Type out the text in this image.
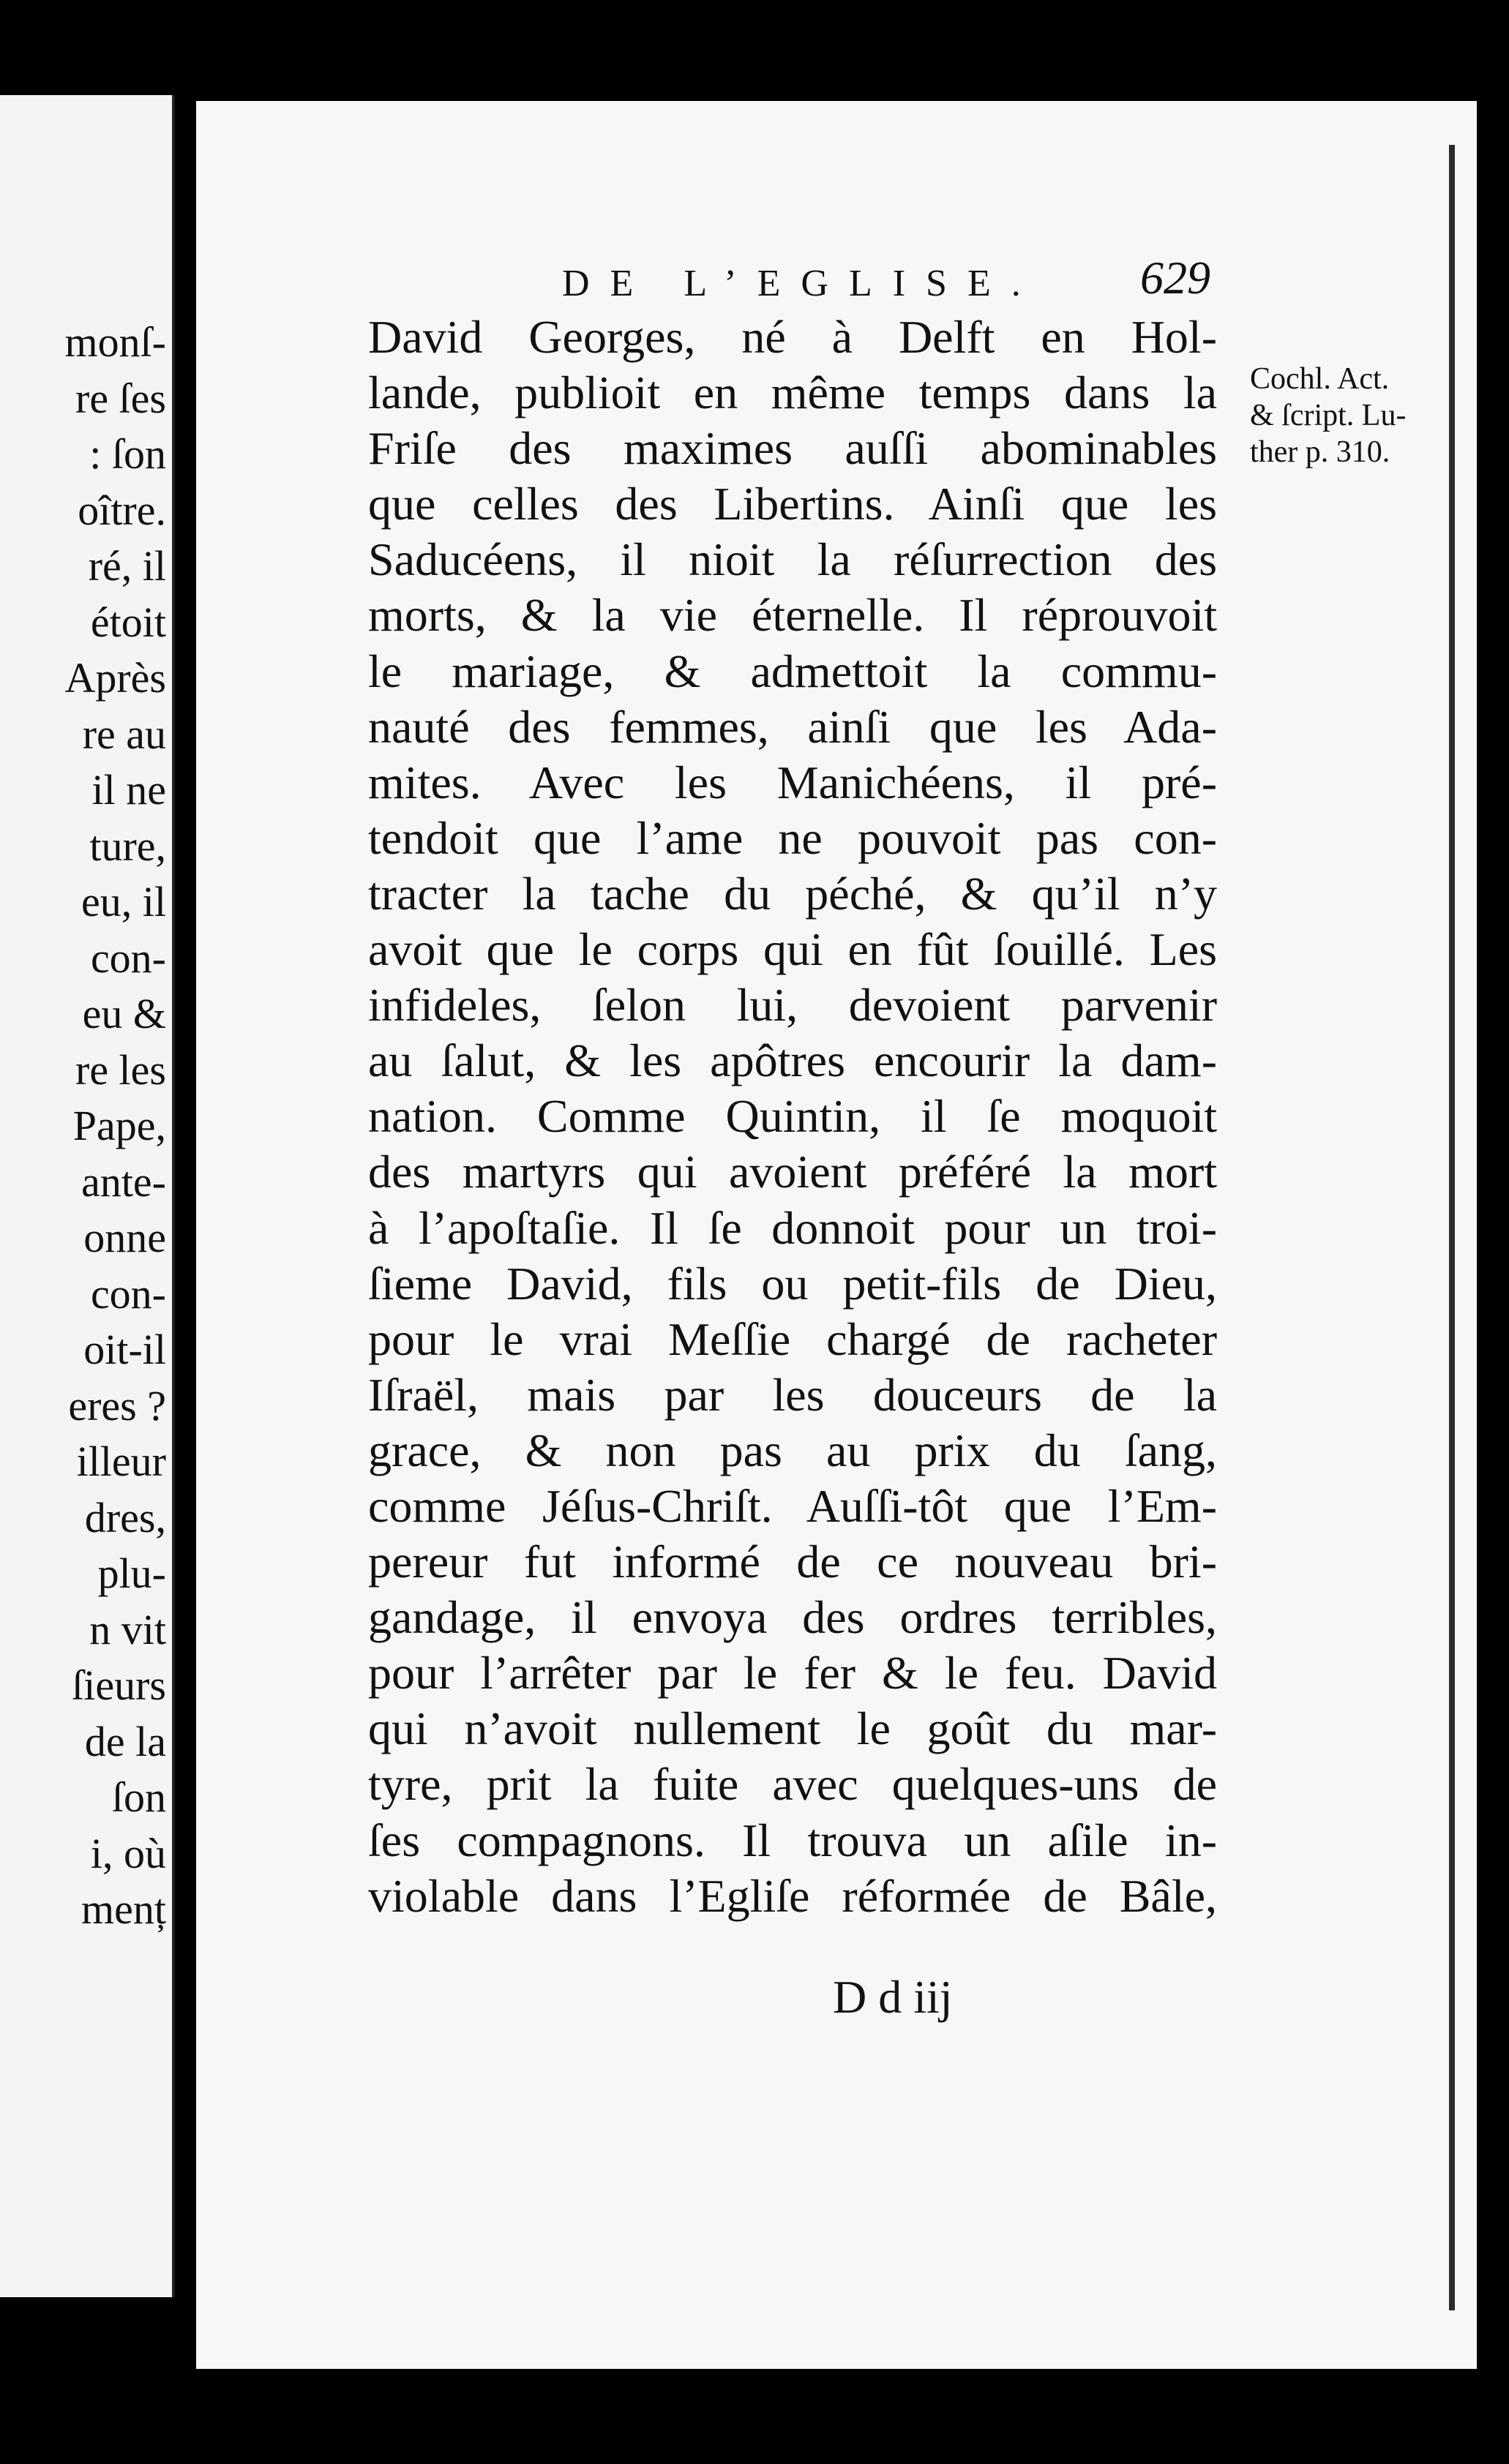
monſ-
re ſes
: ſon
oître.
ré, il
étoit
Après
re au
il ne
ture,
eu, il
con-
eu &
re les
Pape,
ante-
onne
con-
oit-il
eres ?
illeur
dres,
plu-
n vit
ſieurs
de la
ſon
i, où
menț
DE L’EGLISE. 629
David Georges, né à Delft en Hol-
lande, publioit en même temps dans la
Friſe des maximes auſſi abominables
que celles des Libertins. Ainſi que les
Saducéens, il nioit la réſurrection des
morts, & la vie éternelle. Il réprouvoit
le mariage, & admettoit la commu-
nauté des femmes, ainſi que les Ada-
mites. Avec les Manichéens, il pré-
tendoit que l’ame ne pouvoit pas con-
tracter la tache du péché, & qu’il n’y
avoit que le corps qui en fût ſouillé. Les
infideles, ſelon lui, devoient parvenir
au ſalut, & les apôtres encourir la dam-
nation. Comme Quintin, il ſe moquoit
des martyrs qui avoient préféré la mort
à l’apoſtaſie. Il ſe donnoit pour un troi-
ſieme David, fils ou petit-fils de Dieu,
pour le vrai Meſſie chargé de racheter
Iſraël, mais par les douceurs de la
grace, & non pas au prix du ſang,
comme Jéſus-Chriſt. Auſſi-tôt que l’Em-
pereur fut informé de ce nouveau bri-
gandage, il envoya des ordres terribles,
pour l’arrêter par le fer & le feu. David
qui n’avoit nullement le goût du mar-
tyre, prit la fuite avec quelques-uns de
ſes compagnons. Il trouva un aſile in-
violable dans l’Egliſe réformée de Bâle,
Cochl. Act.
& ſcript. Lu-
ther p. 310.
D d iij
